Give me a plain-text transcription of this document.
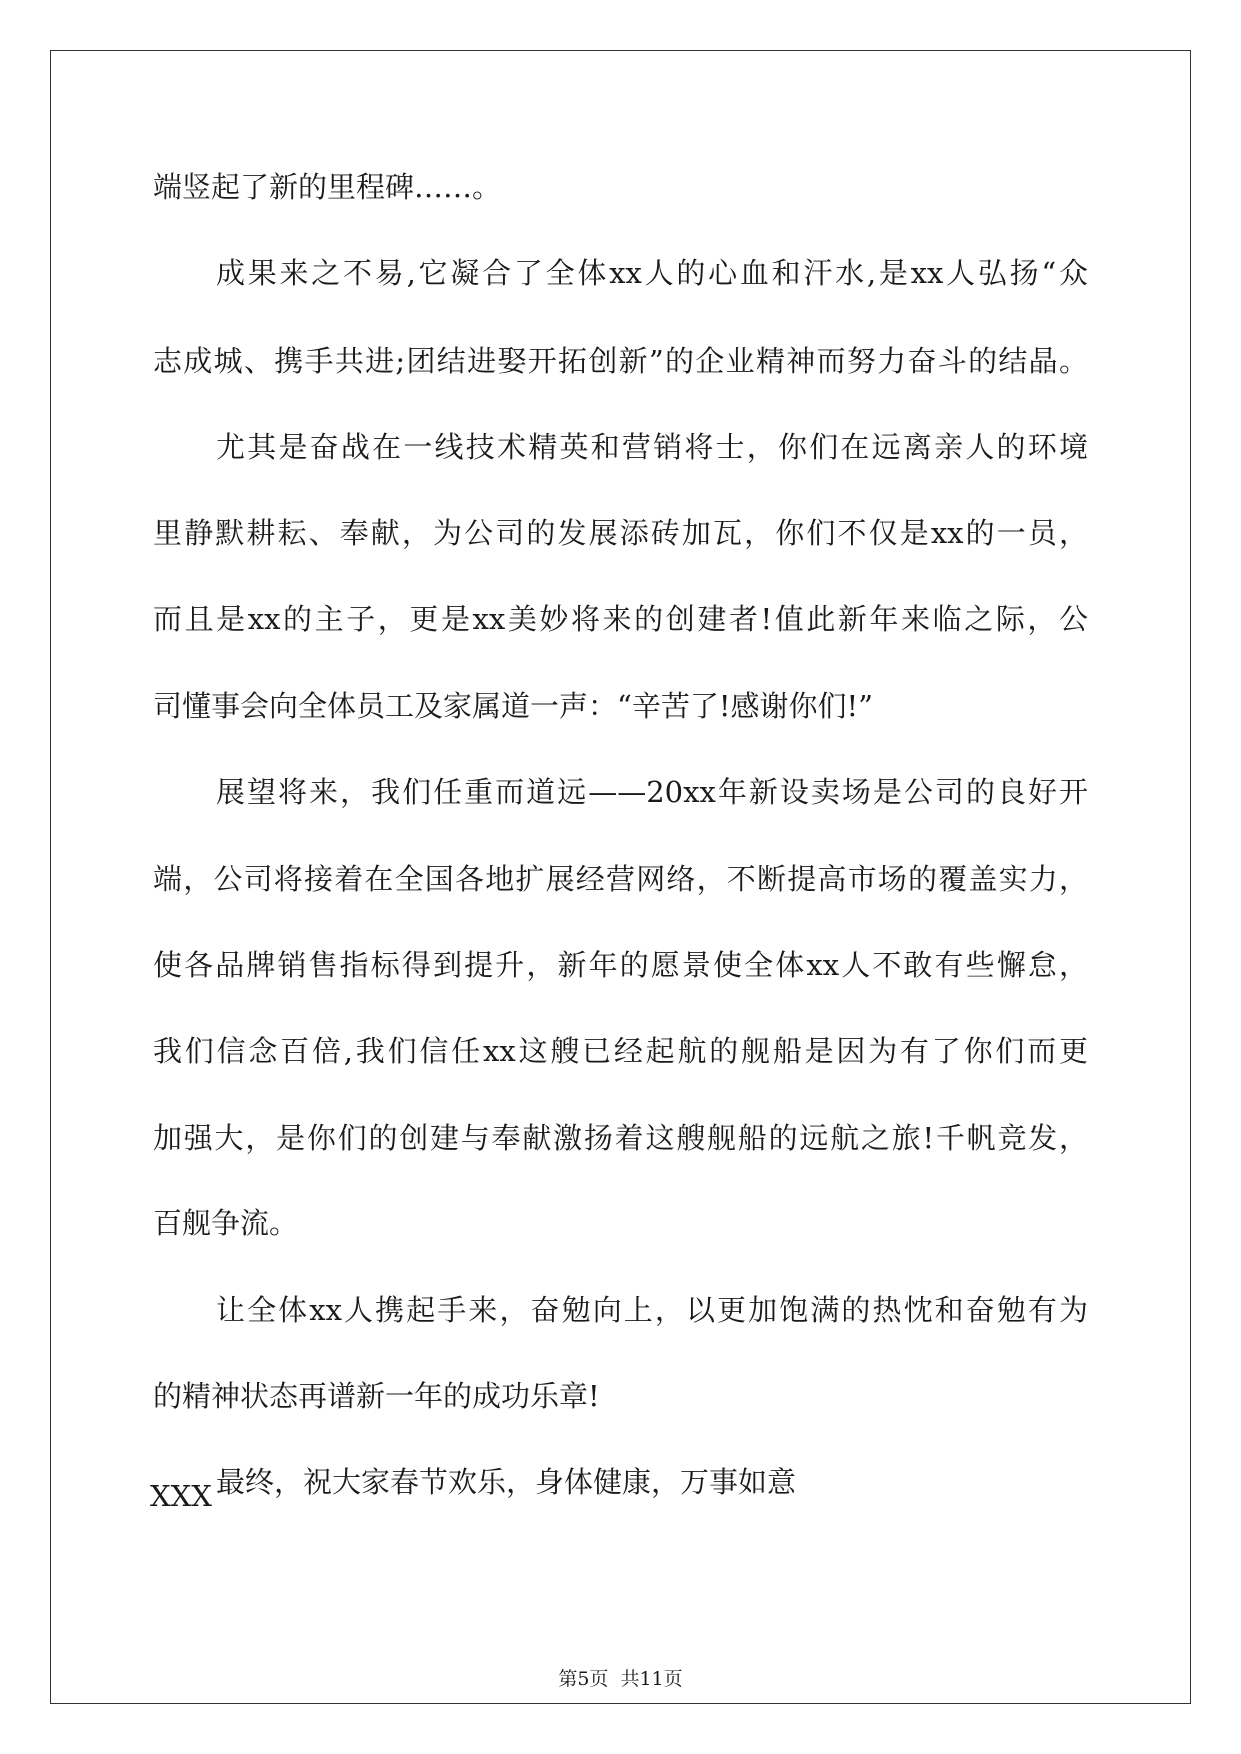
端竖起了新的里程碑……。
成果来之不易,它凝合了全体xx人的心血和汗水,是xx人弘扬“众
志成城、携手共进;团结进娶开拓创新”的企业精神而努力奋斗的结晶。
尤其是奋战在一线技术精英和营销将士，你们在远离亲人的环境
里静默耕耘、奉献，为公司的发展添砖加瓦，你们不仅是xx的一员，
而且是xx的主子，更是xx美妙将来的创建者!值此新年来临之际，公
司懂事会向全体员工及家属道一声：“辛苦了!感谢你们!”
展望将来，我们任重而道远——20xx年新设卖场是公司的良好开
端，公司将接着在全国各地扩展经营网络，不断提高市场的覆盖实力，
使各品牌销售指标得到提升，新年的愿景使全体xx人不敢有些懈怠，
我们信念百倍,我们信任xx这艘已经起航的舰船是因为有了你们而更
加强大，是你们的创建与奉献激扬着这艘舰船的远航之旅!千帆竞发，
百舰争流。
让全体xx人携起手来，奋勉向上，以更加饱满的热忱和奋勉有为
的精神状态再谱新一年的成功乐章!
最终，祝大家春节欢乐，身体健康，万事如意
XXX
第5页 共11页
